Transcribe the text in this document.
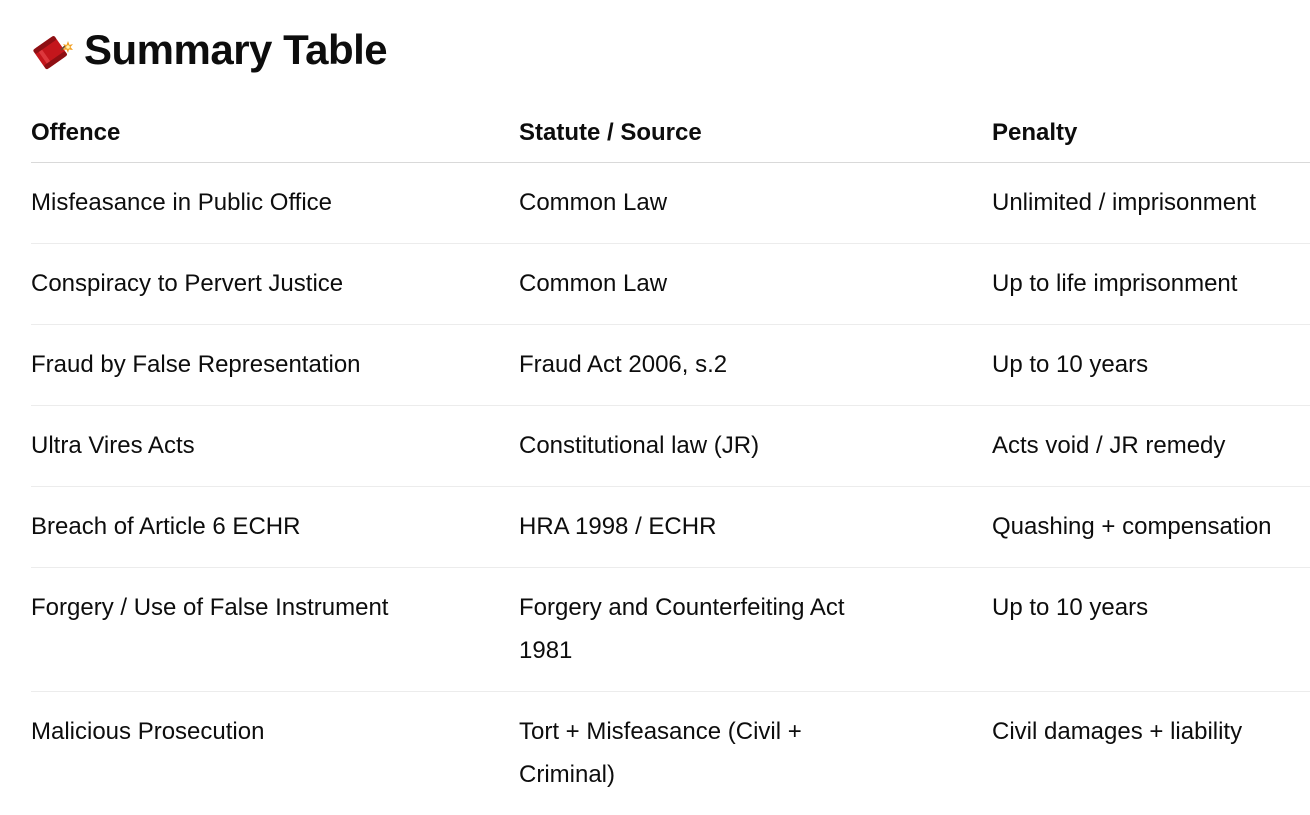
Summary Table
Offence	Statute / Source	Penalty
Misfeasance in Public Office	Common Law	Unlimited / imprisonment
Conspiracy to Pervert Justice	Common Law	Up to life imprisonment
Fraud by False Representation	Fraud Act 2006, s.2	Up to 10 years
Ultra Vires Acts	Constitutional law (JR)	Acts void / JR remedy
Breach of Article 6 ECHR	HRA 1998 / ECHR	Quashing + compensation
Forgery / Use of False Instrument	Forgery and Counterfeiting Act 1981	Up to 10 years
Malicious Prosecution	Tort + Misfeasance (Civil + Criminal)	Civil damages + liability
